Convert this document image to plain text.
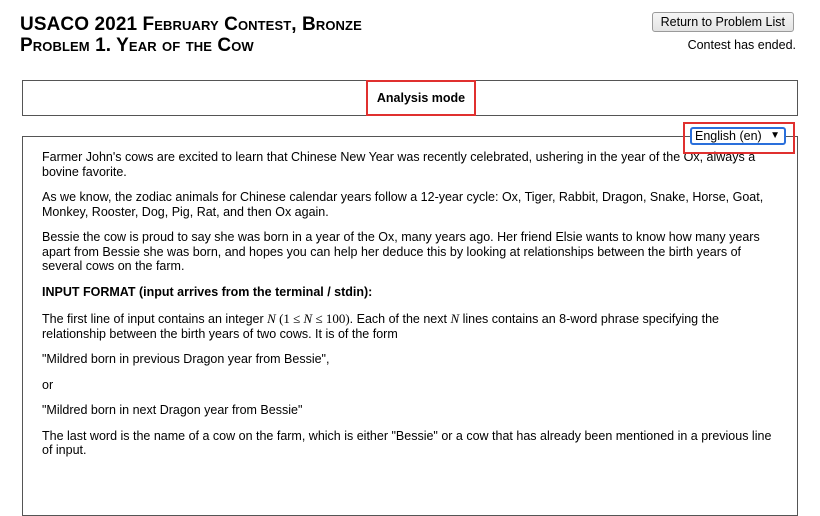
USACO 2021 February Contest, Bronze
Problem 1. Year of the Cow
Return to Problem List
Contest has ended.
Analysis mode
English (en) ▼

Farmer John's cows are excited to learn that Chinese New Year was recently celebrated, ushering in the year of the Ox, always a bovine favorite.

As we know, the zodiac animals for Chinese calendar years follow a 12-year cycle: Ox, Tiger, Rabbit, Dragon, Snake, Horse, Goat, Monkey, Rooster, Dog, Pig, Rat, and then Ox again.

Bessie the cow is proud to say she was born in a year of the Ox, many years ago. Her friend Elsie wants to know how many years apart from Bessie she was born, and hopes you can help her deduce this by looking at relationships between the birth years of several cows on the farm.

INPUT FORMAT (input arrives from the terminal / stdin):

The first line of input contains an integer N (1 ≤ N ≤ 100). Each of the next N lines contains an 8-word phrase specifying the relationship between the birth years of two cows. It is of the form

"Mildred born in previous Dragon year from Bessie",

or

"Mildred born in next Dragon year from Bessie"

The last word is the name of a cow on the farm, which is either "Bessie" or a cow that has already been mentioned in a previous line of input.
